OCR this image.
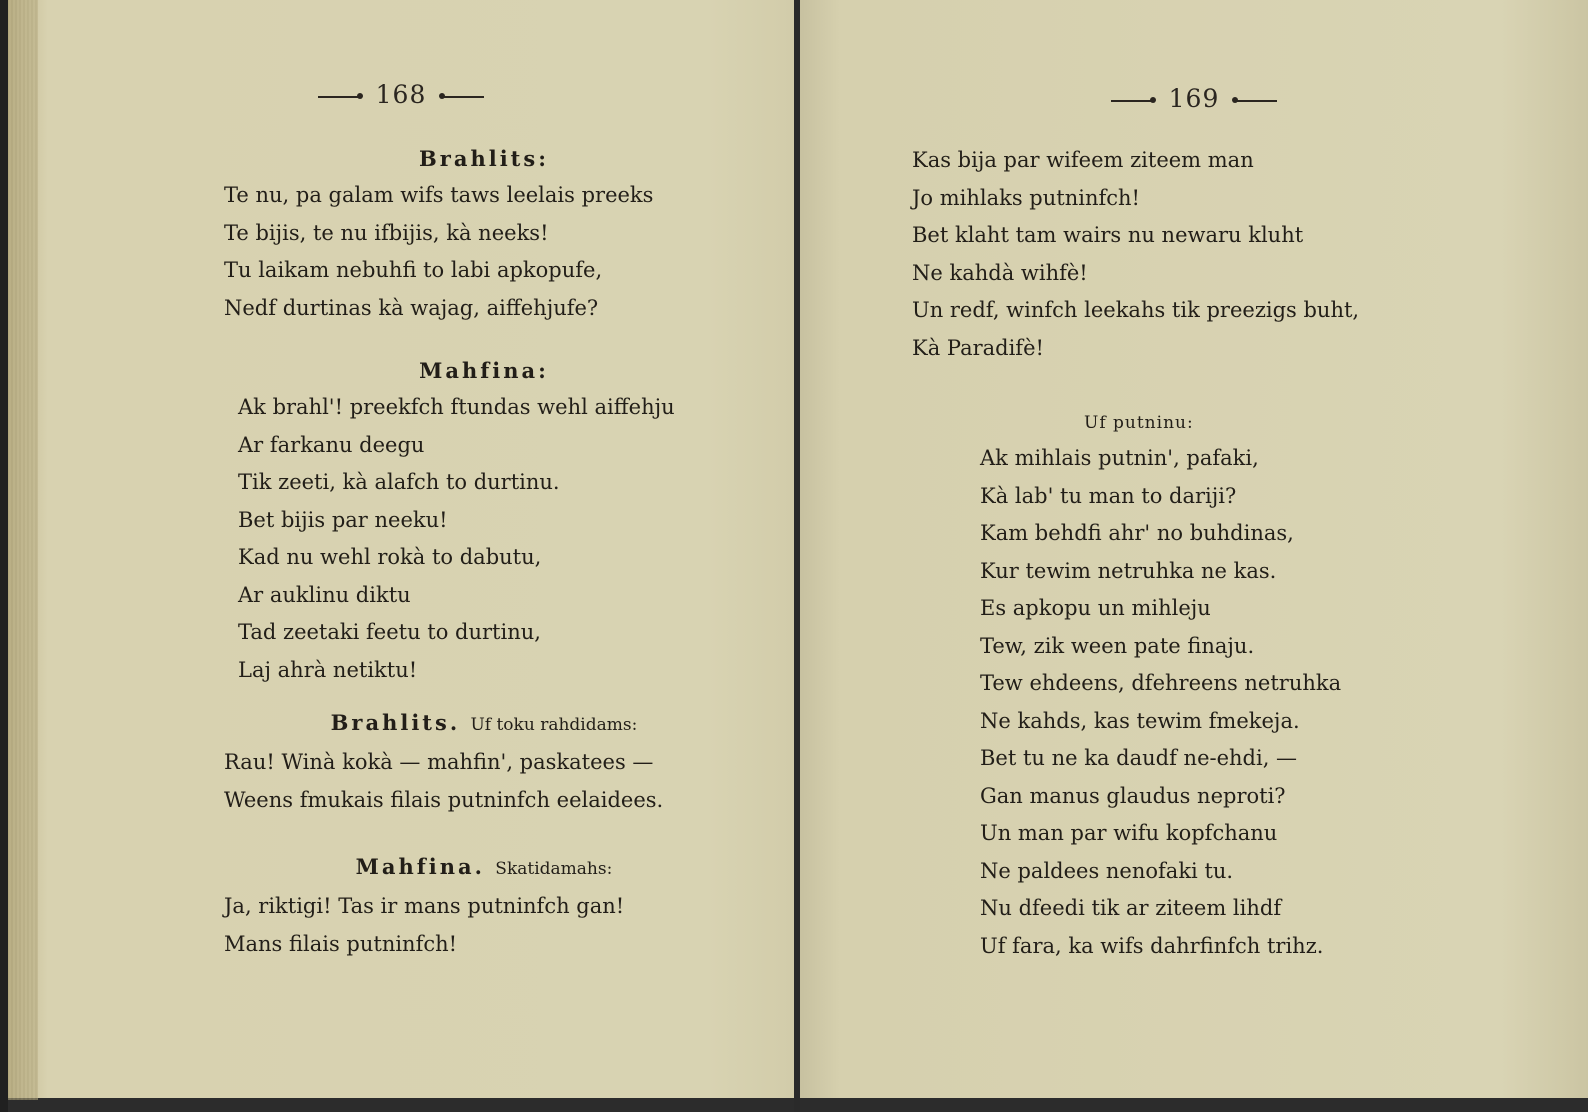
168
Brahlits:
Te nu, pa galam wifs taws leelais preeks
Te bijis, te nu ifbijis, kà neeks!
Tu laikam nebuhfi to labi apkopufe,
Nedf durtinas kà wajag, aiffehjufe?
Mahfina:
Ak brahl'! preekfch ftundas wehl aiffehju
Ar farkanu deegu
Tik zeeti, kà alafch to durtinu.
Bet bijis par neeku!
Kad nu wehl rokà to dabutu,
Ar auklinu diktu
Tad zeetaki feetu to durtinu,
Laj ahrà netiktu!
Brahlits. Uf toku rahdidams:
Rau! Winà kokà — mahfin', paskatees —
Weens fmukais filais putninfch eelaidees.
Mahfina. Skatidamahs:
Ja, riktigi! Tas ir mans putninfch gan!
Mans filais putninfch!
169
Kas bija par wifeem ziteem man
Jo mihlaks putninfch!
Bet klaht tam wairs nu newaru kluht
Ne kahdà wihfè!
Un redf, winfch leekahs tik preezigs buht,
Kà Paradifè!
Uf putninu:
Ak mihlais putnin', pafaki,
Kà lab' tu man to dariji?
Kam behdfi ahr' no buhdinas,
Kur tewim netruhka ne kas.
Es apkopu un mihleju
Tew, zik ween pate finaju.
Tew ehdeens, dfehreens netruhka
Ne kahds, kas tewim fmekeja.
Bet tu ne ka daudf ne-ehdi, —
Gan manus glaudus neproti?
Un man par wifu kopfchanu
Ne paldees nenofaki tu.
Nu dfeedi tik ar ziteem lihdf
Uf fara, ka wifs dahrfinfch trihz.
